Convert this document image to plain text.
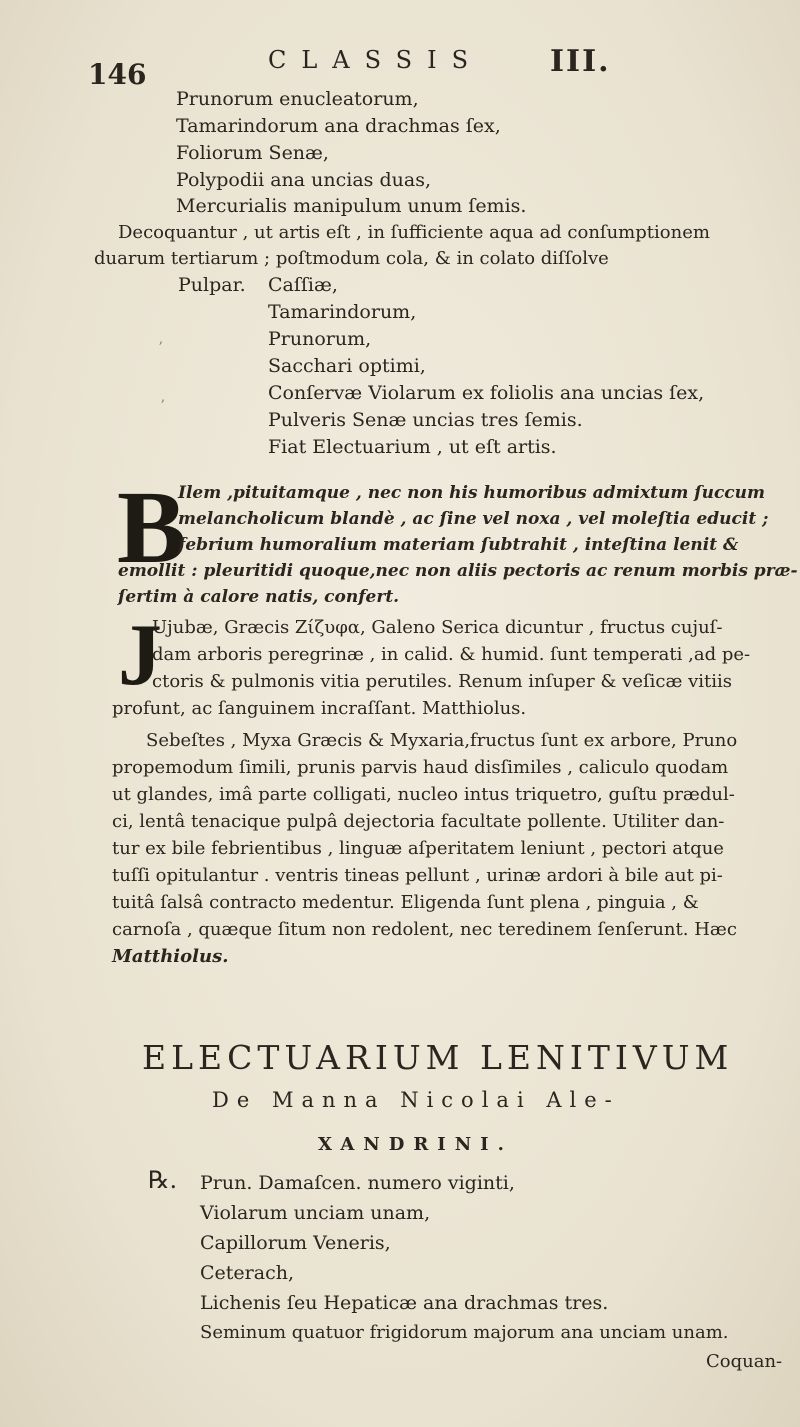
146	CLASSIS III.
Prunorum enucleatorum,
Tamarindorum ana drachmas ſex,
Foliorum Senæ,
Polypodii ana uncias duas,
Mercurialis manipulum unum ſemis.
Decoquantur , ut artis eſt , in ſufficiente aqua ad conſumptionem
duarum tertiarum ; poſtmodum cola, & in colato diſſolve
Pulpar. Caſſiæ,
Tamarindorum,
Prunorum,
Sacchari optimi,
Conſervæ Violarum ex foliolis ana uncias ſex,
Pulveris Senæ uncias tres ſemis.
Fiat Electuarium , ut eſt artis.
B
Ilem ,pituitamque , nec non his humoribus admixtum ſuccum
melancholicum blandè , ac ſine vel noxa , vel moleſtia educit ;
febrium humoralium materiam ſubtrahit , inteſtina lenit &
emollit : pleuritidi quoque,nec non aliis pectoris ac renum morbis præ-
ſertim à calore natis, confert.
J
Ujubæ, Græcis Ζίζυφα, Galeno Serica dicuntur , fructus cujuſ-
dam arboris peregrinæ , in calid. & humid. ſunt temperati ,ad pe-
ctoris & pulmonis vitia perutiles. Renum inſuper & veſicæ vitiis
profunt, ac ſanguinem incraſſant. Matthiolus.
Sebeſtes , Myxa Græcis & Myxaria,fructus ſunt ex arbore, Pruno
propemodum ſimili, prunis parvis haud disſimiles , caliculo quodam
ut glandes, imâ parte colligati, nucleo intus triquetro, guſtu prædul-
ci, lentâ tenacique pulpâ dejectoria facultate pollente. Utiliter dan-
tur ex bile febrientibus , linguæ aſperitatem leniunt , pectori atque
tuſſi opitulantur . ventris tineas pellunt , urinæ ardori à bile aut pi-
tuitâ ſalsâ contracto medentur. Eligenda ſunt plena , pinguia , &
carnoſa , quæque ſitum non redolent, nec teredinem ſenſerunt. Hæc
Matthiolus.
ELECTUARIUM LENITIVUM
De Manna Nicolai Ale-
XANDRINI.
℞. Prun. Damaſcen. numero viginti,
Violarum unciam unam,
Capillorum Veneris,
Ceterach,
Lichenis ſeu Hepaticæ ana drachmas tres.
Seminum quatuor frigidorum majorum ana unciam unam.
Coquan-
ʼ
ʼ
